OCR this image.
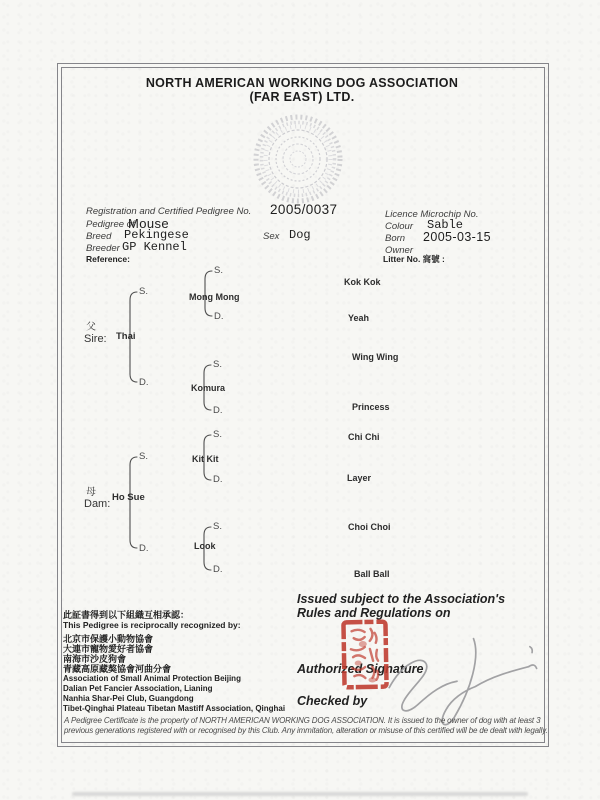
NORTH AMERICAN WORKING DOG ASSOCIATION
(FAR EAST) LTD.
Registration and Certified Pedigree No. 2005/0037
Pedigree of
Mouse
Breed Pekingese	Sex Dog
Breeder GP Kennel
Reference:
Licence Microchip No.
Colour Sable
Born 2005-03-15
Owner
Litter No. 窩號 :
父
Sire: Thai
S.
D.
Mong Mong
S.
D.
Komura
S.
D.
Kok Kok
Yeah
Wing Wing
Princess
母
Dam:
Ho Sue
S.
D.
Kit Kit
S.
D.
Look
S.
D.
Chi Chi
Layer
Choi Choi
Ball Ball
此証書得到以下組織互相承認：
This Pedigree is reciprocally recognized by:
北京市保護小動物協會
大連市寵物愛好者協會
南海市沙皮狗會
青藏高原藏獒協會河曲分會
Association of Small Animal Protection Beijing
Dalian Pet Fancier Association, Lianing
Nanhia Shar-Pei Club, Guangdong
Tibet-Qinghai Plateau Tibetan Mastiff Association, Qinghai
Issued subject to the Association's
Rules and Regulations on
Authorized Signature
Checked by
A Pedigree Certificate is the property of NORTH AMERICAN WORKING DOG ASSOCIATION. It is issued to the owner of dog with at least 3
previous generations registered with or recognised by this Club. Any immitation, alteration or misuse of this certified will be de dealt with legally.
